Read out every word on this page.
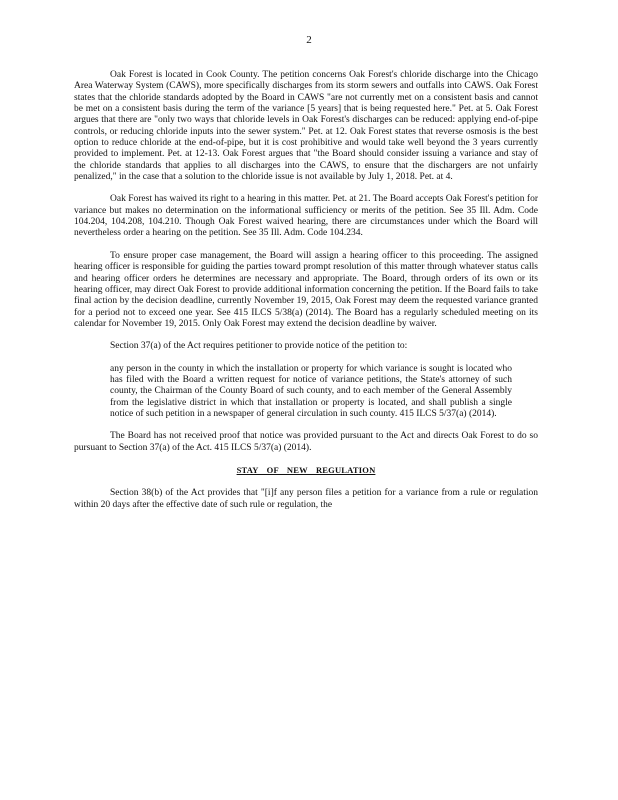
2

Oak Forest is located in Cook County. The petition concerns Oak Forest's chloride discharge into the Chicago Area Waterway System (CAWS), more specifically discharges from its storm sewers and outfalls into CAWS. Oak Forest states that the chloride standards adopted by the Board in CAWS "are not currently met on a consistent basis and cannot be met on a consistent basis during the term of the variance [5 years] that is being requested here." Pet. at 5. Oak Forest argues that there are "only two ways that chloride levels in Oak Forest's discharges can be reduced: applying end-of-pipe controls, or reducing chloride inputs into the sewer system." Pet. at 12. Oak Forest states that reverse osmosis is the best option to reduce chloride at the end-of-pipe, but it is cost prohibitive and would take well beyond the 3 years currently provided to implement. Pet. at 12-13. Oak Forest argues that "the Board should consider issuing a variance and stay of the chloride standards that applies to all discharges into the CAWS, to ensure that the dischargers are not unfairly penalized," in the case that a solution to the chloride issue is not available by July 1, 2018. Pet. at 4.

Oak Forest has waived its right to a hearing in this matter. Pet. at 21. The Board accepts Oak Forest's petition for variance but makes no determination on the informational sufficiency or merits of the petition. See 35 Ill. Adm. Code 104.204, 104.208, 104.210. Though Oak Forest waived hearing, there are circumstances under which the Board will nevertheless order a hearing on the petition. See 35 Ill. Adm. Code 104.234.

To ensure proper case management, the Board will assign a hearing officer to this proceeding. The assigned hearing officer is responsible for guiding the parties toward prompt resolution of this matter through whatever status calls and hearing officer orders he determines are necessary and appropriate. The Board, through orders of its own or its hearing officer, may direct Oak Forest to provide additional information concerning the petition. If the Board fails to take final action by the decision deadline, currently November 19, 2015, Oak Forest may deem the requested variance granted for a period not to exceed one year. See 415 ILCS 5/38(a) (2014). The Board has a regularly scheduled meeting on its calendar for November 19, 2015. Only Oak Forest may extend the decision deadline by waiver.

Section 37(a) of the Act requires petitioner to provide notice of the petition to:

any person in the county in which the installation or property for which variance is sought is located who has filed with the Board a written request for notice of variance petitions, the State's attorney of such county, the Chairman of the County Board of such county, and to each member of the General Assembly from the legislative district in which that installation or property is located, and shall publish a single notice of such petition in a newspaper of general circulation in such county. 415 ILCS 5/37(a) (2014).

The Board has not received proof that notice was provided pursuant to the Act and directs Oak Forest to do so pursuant to Section 37(a) of the Act. 415 ILCS 5/37(a) (2014).

STAY OF NEW REGULATION

Section 38(b) of the Act provides that "[i]f any person files a petition for a variance from a rule or regulation within 20 days after the effective date of such rule or regulation, the
